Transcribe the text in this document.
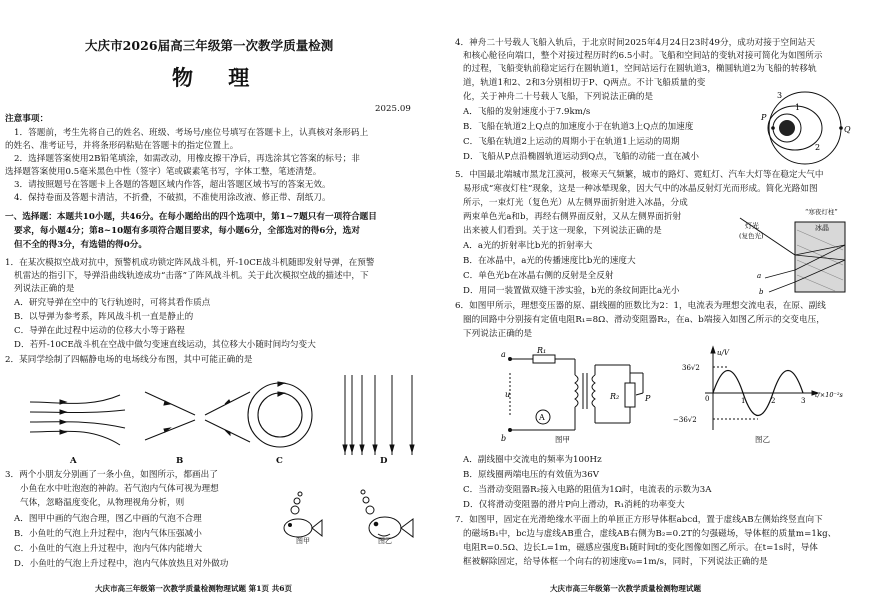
大庆市2026届高三年级第一次教学质量检测
物 理
2025.09
注意事项：
1．答题前，考生先将自己的姓名、班级、考场号/座位号填写在答题卡上，认真核对条形码上
的姓名、准考证号，并将条形码粘贴在答题卡的指定位置上。
2．选择题答案使用2B铅笔填涂，如需改动，用橡皮擦干净后，再选涂其它答案的标号；非
选择题答案使用0.5毫米黑色中性（签字）笔或碳素笔书写，字体工整，笔迹清楚。
3．请按照题号在答题卡上各题的答题区域内作答，超出答题区域书写的答案无效。
4．保持卷面及答题卡清洁，不折叠，不破损，不准使用涂改液、修正带、刮纸刀。
一、选择题：本题共10小题，共46分。在每小题给出的四个选项中，第1~7题只有一项符合题目
要求，每小题4分；第8~10题有多项符合题目要求，每小题6分，全部选对的得6分，选对
但不全的得3分，有选错的得0分。
1．在某次模拟空战对抗中，预警机成功锁定阵风战斗机，歼-10CE战斗机随即发射导弹，在预警
机雷达的指引下，导弹沿曲线轨迹成功“击落”了阵风战斗机。关于此次模拟空战的描述中，下
列说法正确的是
A．研究导弹在空中的飞行轨迹时，可将其看作质点
B．以导弹为参考系，阵风战斗机一直是静止的
C．导弹在此过程中运动的位移大小等于路程
D．若歼-10CE战斗机在空战中做匀变速直线运动，其位移大小随时间均匀变大
2．某同学绘制了四幅静电场的电场线分布图，其中可能正确的是
A	B	C	D
3．两个小朋友分别画了一条小鱼，如图所示，都画出了
小鱼在水中吐泡泡的神韵。若气泡内气体可视为理想
气体，忽略温度变化，从物理视角分析，则
A．图甲中画的气泡合理，图乙中画的气泡不合理
B．小鱼吐的气泡上升过程中，泡内气体压强减小
C．小鱼吐的气泡上升过程中，泡内气体内能增大
D．小鱼吐的气泡上升过程中，泡内气体放热且对外做功
图甲	图乙
大庆市高三年级第一次教学质量检测物理试题 第1页 共6页
4．神舟二十号载人飞船入轨后，于北京时间2025年4月24日23时49分，成功对接于空间站天
和核心舱径向端口，整个对接过程历时约6.5小时。飞船和空间站的变轨对接可简化为如图所示
的过程，飞船变轨前稳定运行在圆轨道1，空间站运行在圆轨道3，椭圆轨道2为飞船的转移轨
道，轨道1和2、2和3分别相切于P、Q两点。不计飞船质量的变
化，关于神舟二十号载人飞船，下列说法正确的是
A．飞船的发射速度小于7.9km/s
B．飞船在轨道2上Q点的加速度小于在轨道3上Q点的加速度
C．飞船在轨道2上运动的周期小于在轨道1上运动的周期
D．飞船从P点沿椭圆轨道运动到Q点，飞船的动能一直在减小
P
Q
3
1
2
5．中国最北端城市黑龙江漠河，极寒天气频繁，城市的路灯、霓虹灯、汽车大灯等在稳定大气中
易形成“寒夜灯柱”现象，这是一种冰晕现象，因大气中的冰晶反射灯光而形成。简化光路如图
所示，一束灯光（复色光）从左侧界面折射进入冰晶，分成
两束单色光a和b，再经右侧界面反射，又从左侧界面折射
出来被人们看到。关于这一现象，下列说法正确的是
A．a光的折射率比b光的折射率大
B．在冰晶中，a光的传播速度比b光的速度大
C．单色光b在冰晶右侧的反射是全反射
D．用同一装置做双缝干涉实验，b光的条纹间距比a光小
冰晶
灯光
(复色光)
“寒夜灯柱”
a
b
6．如图甲所示，理想变压器的原、副线圈的匝数比为2：1，电流表为理想交流电表，在原、副线
圈的回路中分别接有定值电阻R₁=8Ω、滑动变阻器R₂，在a、b端接入如图乙所示的交变电压，
下列说法正确的是
a
b
u
R₁
R₂	P
A
图甲
u/V
t/×10⁻²s
36√2
−36√2
0	1	2	3
图乙
A．副线圈中交流电的频率为100Hz
B．原线圈两端电压的有效值为36V
C．当滑动变阻器R₂接入电路的阻值为1Ω时，电流表的示数为3A
D．仅将滑动变阻器的滑片P向上滑动，R₁消耗的功率变大
7．如图甲，固定在光滑绝缘水平面上的单匝正方形导体框abcd，置于虚线AB左侧始终竖直向下
的磁场B₁中，bc边与虚线AB重合，虚线AB右侧为B₂=0.2T的匀强磁场，导体框的质量m=1kg、
电阻R=0.5Ω、边长L=1m，磁感应强度B₁随时间t的变化图像如图乙所示。在t=1s时，导体
框被解除固定，给导体框一个向右的初速度v₀=1m/s，同时，下列说法正确的是
大庆市高三年级第一次教学质量检测物理试题
